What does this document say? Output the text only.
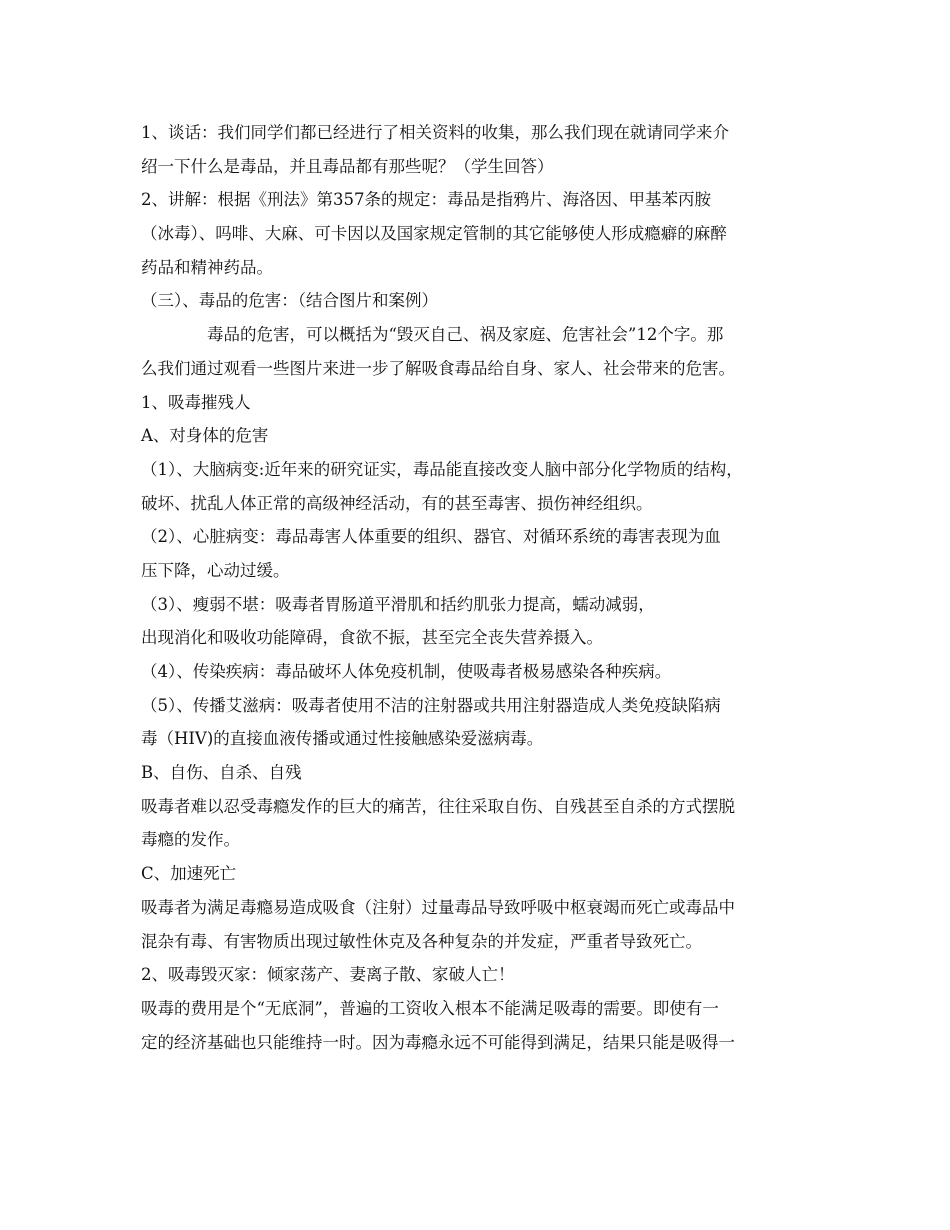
1、谈话：我们同学们都已经进行了相关资料的收集，那么我们现在就请同学来介
绍一下什么是毒品，并且毒品都有那些呢？（学生回答）
2、讲解：根据《刑法》第357条的规定：毒品是指鸦片、海洛因、甲基苯丙胺
（冰毒）、吗啡、大麻、可卡因以及国家规定管制的其它能够使人形成瘾癖的麻醉
药品和精神药品。
（三）、毒品的危害：（结合图片和案例）
毒品的危害，可以概括为“毁灭自己、祸及家庭、危害社会”12个字。那
么我们通过观看一些图片来进一步了解吸食毒品给自身、家人、社会带来的危害。
1、吸毒摧残人
A、对身体的危害
（1）、大脑病变:近年来的研究证实，毒品能直接改变人脑中部分化学物质的结构，
破坏、扰乱人体正常的高级神经活动，有的甚至毒害、损伤神经组织。
（2）、心脏病变：毒品毒害人体重要的组织、器官、对循环系统的毒害表现为血
压下降，心动过缓。
（3）、瘦弱不堪：吸毒者胃肠道平滑肌和括约肌张力提高，蠕动减弱，
出现消化和吸收功能障碍，食欲不振，甚至完全丧失营养摄入。
（4）、传染疾病：毒品破坏人体免疫机制，使吸毒者极易感染各种疾病。
（5）、传播艾滋病：吸毒者使用不洁的注射器或共用注射器造成人类免疫缺陷病
毒（HIV)的直接血液传播或通过性接触感染爱滋病毒。
B、自伤、自杀、自残
吸毒者难以忍受毒瘾发作的巨大的痛苦，往往采取自伤、自残甚至自杀的方式摆脱
毒瘾的发作。
C、加速死亡
吸毒者为满足毒瘾易造成吸食（注射）过量毒品导致呼吸中枢衰竭而死亡或毒品中
混杂有毒、有害物质出现过敏性休克及各种复杂的并发症，严重者导致死亡。
2、吸毒毁灭家：倾家荡产、妻离子散、家破人亡！
吸毒的费用是个“无底洞”，普遍的工资收入根本不能满足吸毒的需要。即使有一
定的经济基础也只能维持一时。因为毒瘾永远不可能得到满足，结果只能是吸得一
